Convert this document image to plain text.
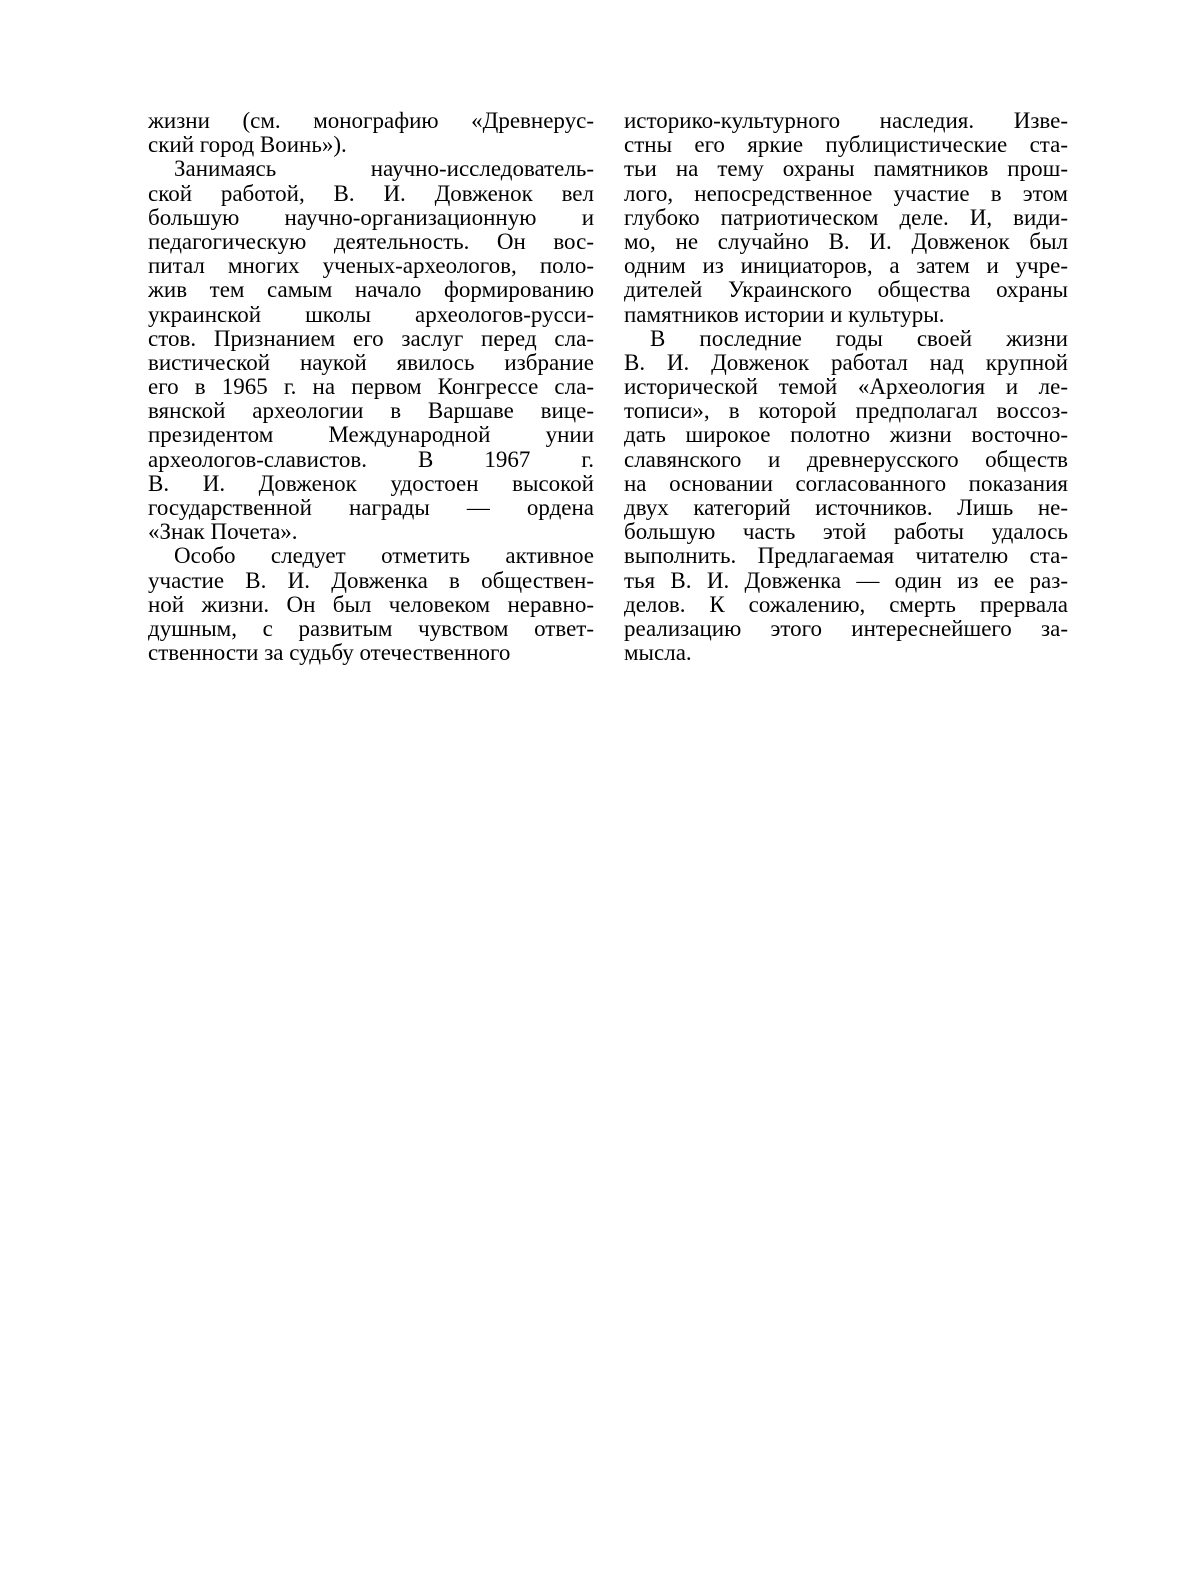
жизни (см. монографию «Древнерус-
ский город Воинь»).
Занимаясь научно-исследователь-
ской работой, В. И. Довженок вел
большую научно-организационную и
педагогическую деятельность. Он вос-
питал многих ученых-археологов, поло-
жив тем самым начало формированию
украинской школы археологов-русси-
стов. Признанием его заслуг перед сла-
вистической наукой явилось избрание
его в 1965 г. на первом Конгрессе сла-
вянской археологии в Варшаве вице-
президентом Международной унии
археологов-славистов. В 1967 г.
В. И. Довженок удостоен высокой
государственной награды — ордена
«Знак Почета».
Особо следует отметить активное
участие В. И. Довженка в обществен-
ной жизни. Он был человеком неравно-
душным, с развитым чувством ответ-
ственности за судьбу отечественного
историко-культурного наследия. Изве-
стны его яркие публицистические ста-
тьи на тему охраны памятников прош-
лого, непосредственное участие в этом
глубоко патриотическом деле. И, види-
мо, не случайно В. И. Довженок был
одним из инициаторов, а затем и учре-
дителей Украинского общества охраны
памятников истории и культуры.
В последние годы своей жизни
В. И. Довженок работал над крупной
исторической темой «Археология и ле-
тописи», в которой предполагал воссоз-
дать широкое полотно жизни восточно-
славянского и древнерусского обществ
на основании согласованного показания
двух категорий источников. Лишь не-
большую часть этой работы удалось
выполнить. Предлагаемая читателю ста-
тья В. И. Довженка — один из ее раз-
делов. К сожалению, смерть прервала
реализацию этого интереснейшего за-
мысла.
